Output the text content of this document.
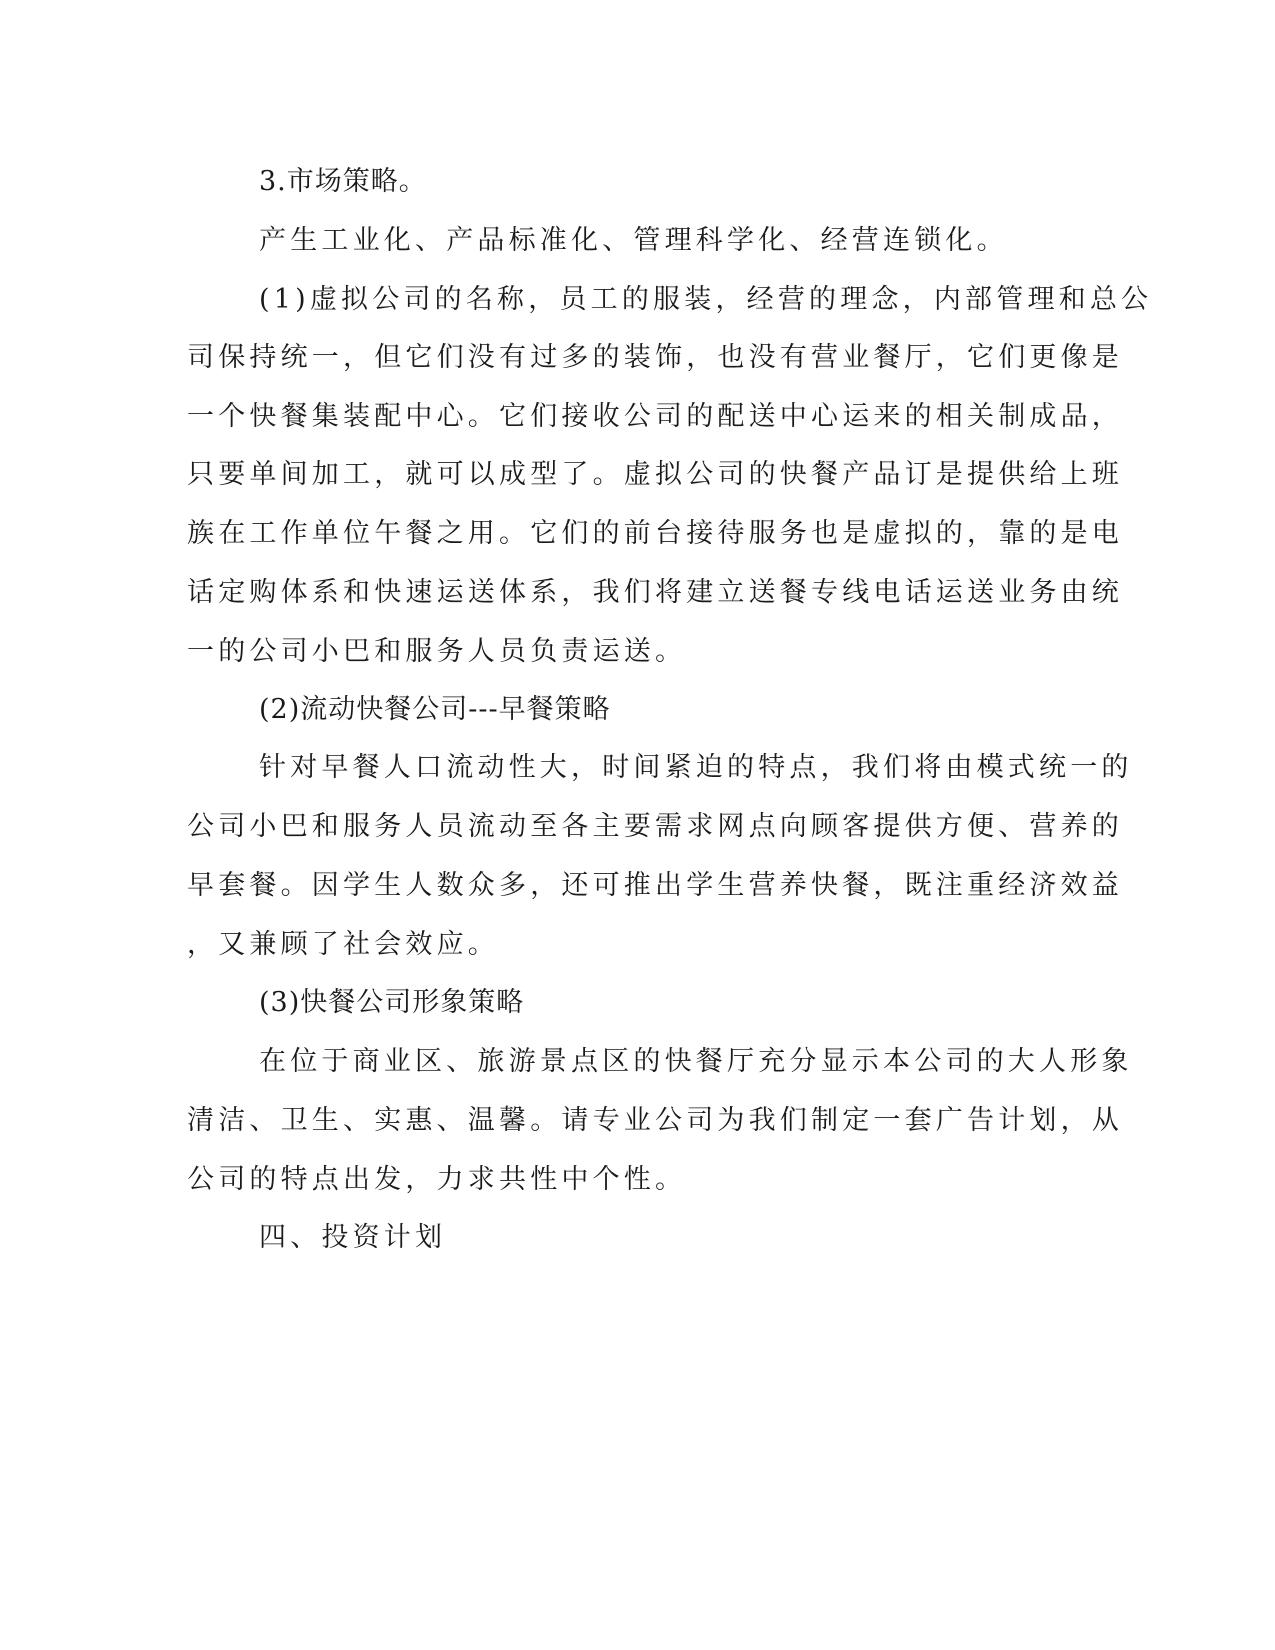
3.市场策略。
产生工业化、产品标准化、管理科学化、经营连锁化。
(1)虚拟公司的名称，员工的服装，经营的理念，内部管理和总公
司保持统一，但它们没有过多的装饰，也没有营业餐厅，它们更像是
一个快餐集装配中心。它们接收公司的配送中心运来的相关制成品，
只要单间加工，就可以成型了。虚拟公司的快餐产品订是提供给上班
族在工作单位午餐之用。它们的前台接待服务也是虚拟的，靠的是电
话定购体系和快速运送体系，我们将建立送餐专线电话运送业务由统
一的公司小巴和服务人员负责运送。
(2)流动快餐公司---早餐策略
针对早餐人口流动性大，时间紧迫的特点，我们将由模式统一的
公司小巴和服务人员流动至各主要需求网点向顾客提供方便、营养的
早套餐。因学生人数众多，还可推出学生营养快餐，既注重经济效益
，又兼顾了社会效应。
(3)快餐公司形象策略
在位于商业区、旅游景点区的快餐厅充分显示本公司的大人形象
清洁、卫生、实惠、温馨。请专业公司为我们制定一套广告计划，从
公司的特点出发，力求共性中个性。
四、投资计划
